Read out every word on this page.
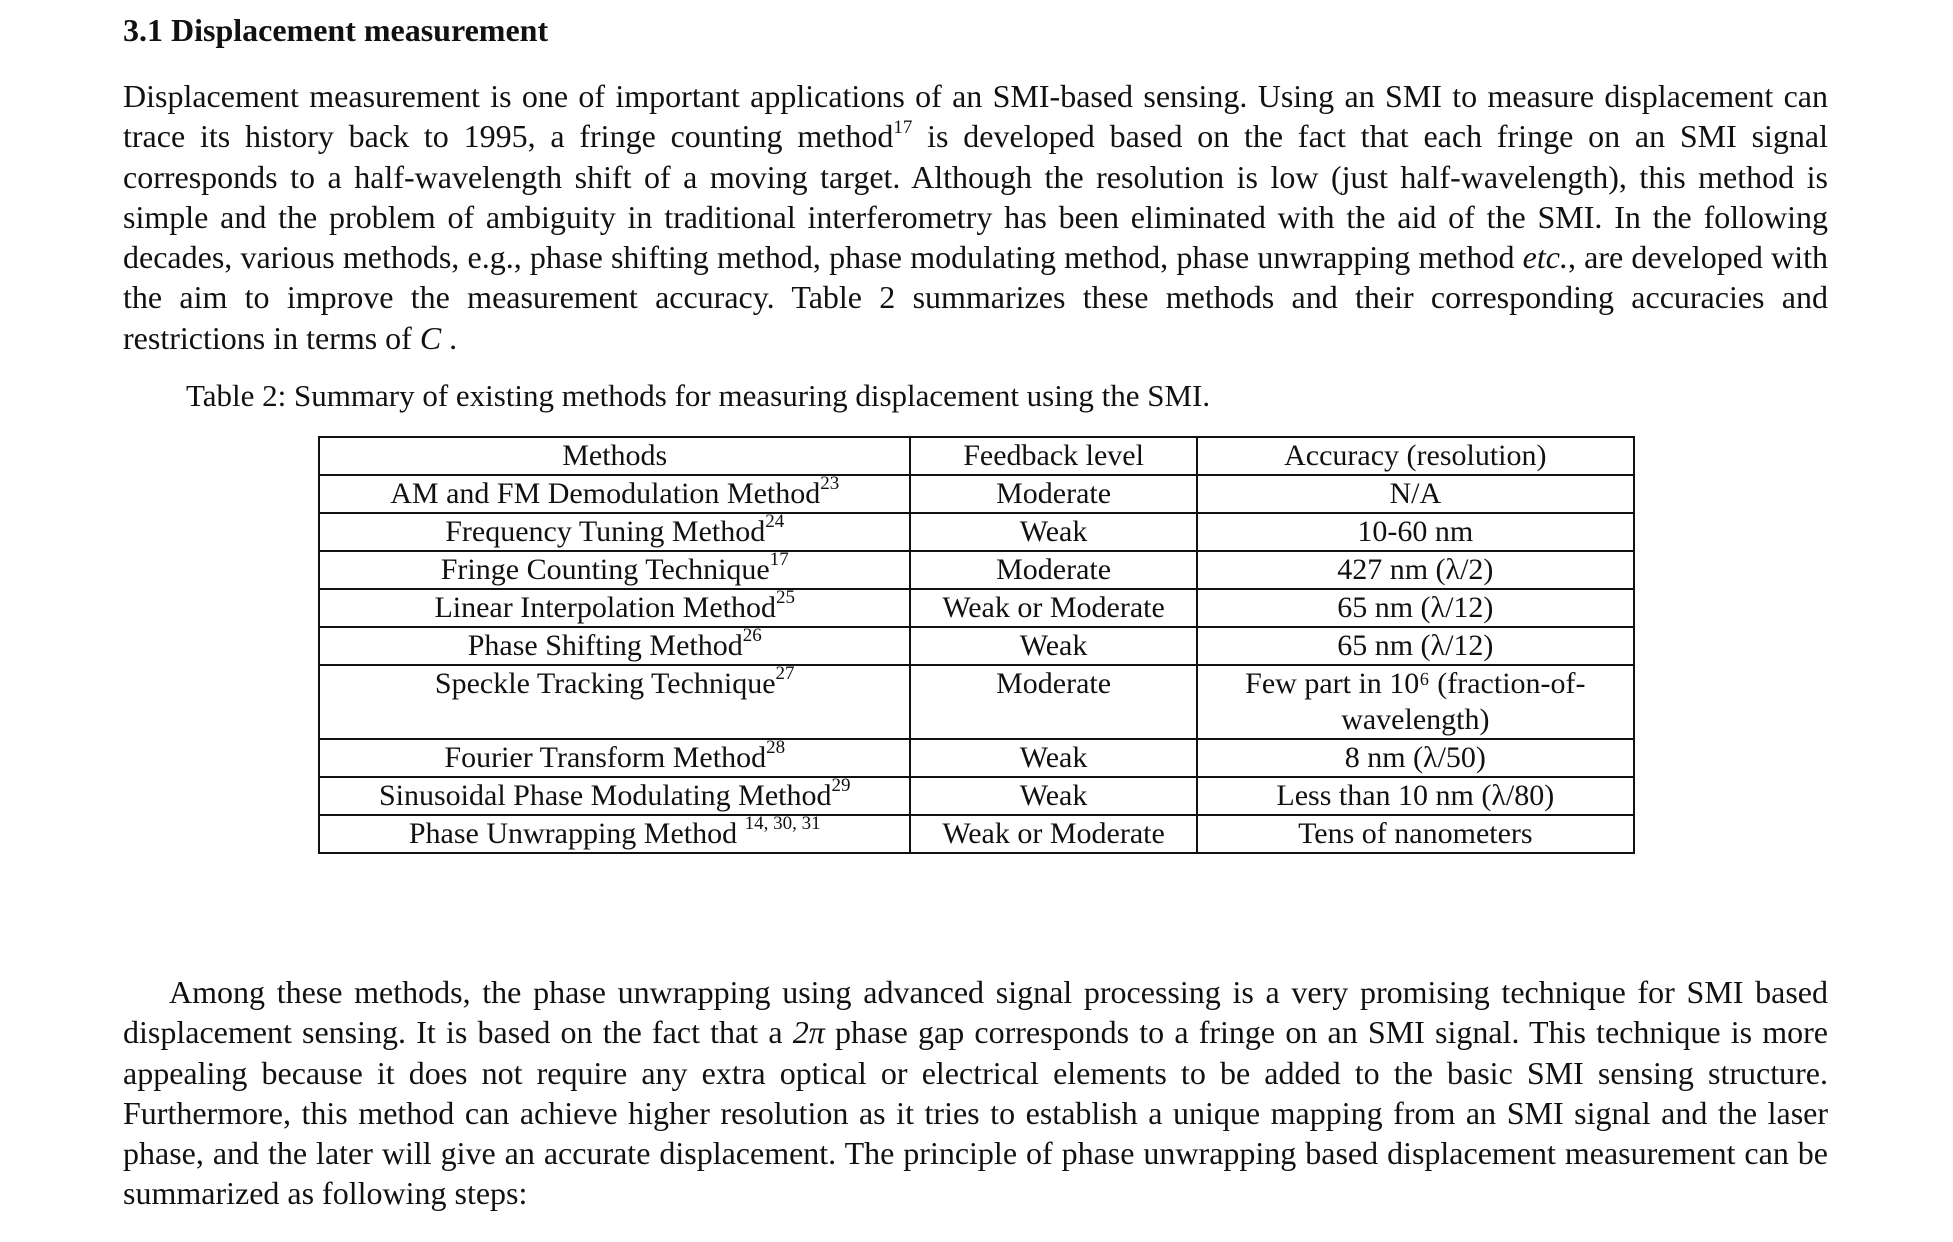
3.1 Displacement measurement

Displacement measurement is one of important applications of an SMI-based sensing. Using an SMI to measure displacement can trace its history back to 1995, a fringe counting method$^{17}$ is developed based on the fact that each fringe on an SMI signal corresponds to a half-wavelength shift of a moving target. Although the resolution is low (just half-wavelength), this method is simple and the problem of ambiguity in traditional interferometry has been eliminated with the aid of the SMI. In the following decades, various methods, e.g., phase shifting method, phase modulating method, phase unwrapping method etc., are developed with the aim to improve the measurement accuracy. Table 2 summarizes these methods and their corresponding accuracies and restrictions in terms of C .

Table 2: Summary of existing methods for measuring displacement using the SMI.

Methods	Feedback level	Accuracy (resolution)
AM and FM Demodulation Method$^{23}$	Moderate	N/A
Frequency Tuning Method$^{24}$	Weak	10-60 nm
Fringe Counting Technique$^{17}$	Moderate	427 nm (λ/2)
Linear Interpolation Method$^{25}$	Weak or Moderate	65 nm (λ/12)
Phase Shifting Method$^{26}$	Weak	65 nm (λ/12)
Speckle Tracking Technique$^{27}$	Moderate	Few part in 10⁶ (fraction-of-wavelength)
Fourier Transform Method$^{28}$	Weak	8 nm (λ/50)
Sinusoidal Phase Modulating Method$^{29}$	Weak	Less than 10 nm (λ/80)
Phase Unwrapping Method $^{14, 30, 31}$	Weak or Moderate	Tens of nanometers

Among these methods, the phase unwrapping using advanced signal processing is a very promising technique for SMI based displacement sensing. It is based on the fact that a 2π phase gap corresponds to a fringe on an SMI signal. This technique is more appealing because it does not require any extra optical or electrical elements to be added to the basic SMI sensing structure. Furthermore, this method can achieve higher resolution as it tries to establish a unique mapping from an SMI signal and the laser phase, and the later will give an accurate displacement. The principle of phase unwrapping based displacement measurement can be summarized as following steps:
